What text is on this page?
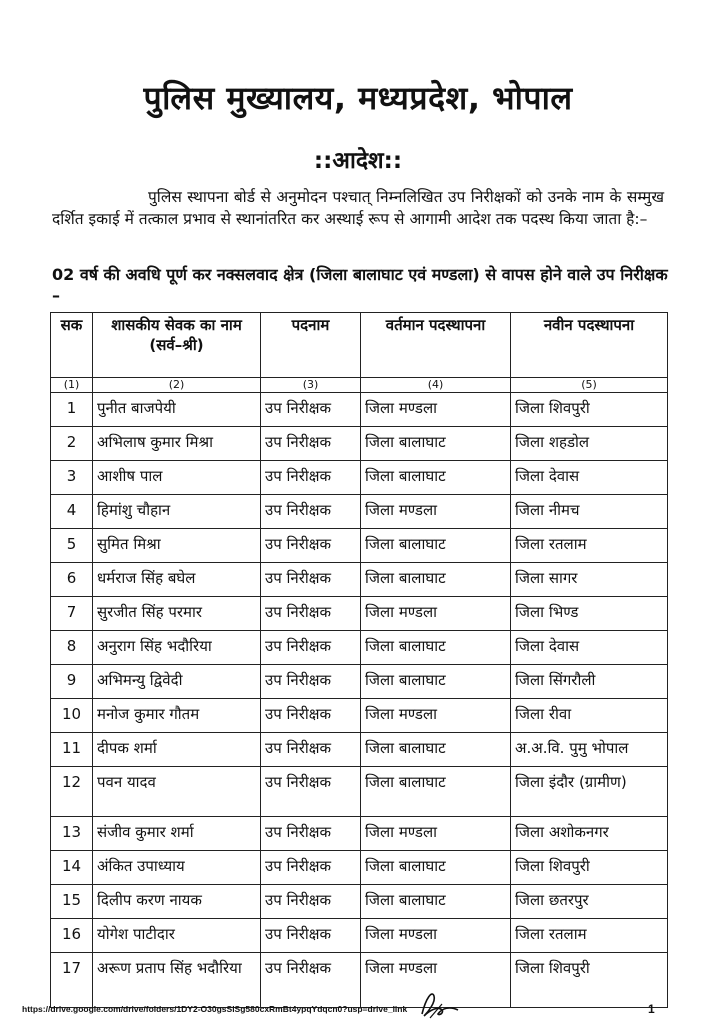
पुलिस मुख्यालय, मध्यप्रदेश, भोपाल
::आदेश::
पुलिस स्थापना बोर्ड से अनुमोदन पश्चात् निम्नलिखित उप निरीक्षकों को उनके नाम के सम्मुख दर्शित इकाई में तत्काल प्रभाव से स्थानांतरित कर अस्थाई रूप से आगामी आदेश तक पदस्थ किया जाता है:–
02 वर्ष की अवधि पूर्ण कर नक्सलवाद क्षेत्र (जिला बालाघाट एवं मण्डला) से वापस होने वाले उप निरीक्षक –
सक	शासकीय सेवक का नाम (सर्व–श्री)	पदनाम	वर्तमान पदस्थापना	नवीन पदस्थापना
(1)	(2)	(3)	(4)	(5)
1	पुनीत बाजपेयी	उप निरीक्षक	जिला मण्डला	जिला शिवपुरी
2	अभिलाष कुमार मिश्रा	उप निरीक्षक	जिला बालाघाट	जिला शहडोल
3	आशीष पाल	उप निरीक्षक	जिला बालाघाट	जिला देवास
4	हिमांशु चौहान	उप निरीक्षक	जिला मण्डला	जिला नीमच
5	सुमित मिश्रा	उप निरीक्षक	जिला बालाघाट	जिला रतलाम
6	धर्मराज सिंह बघेल	उप निरीक्षक	जिला बालाघाट	जिला सागर
7	सुरजीत सिंह परमार	उप निरीक्षक	जिला मण्डला	जिला भिण्ड
8	अनुराग सिंह भदौरिया	उप निरीक्षक	जिला बालाघाट	जिला देवास
9	अभिमन्यु द्विवेदी	उप निरीक्षक	जिला बालाघाट	जिला सिंगरौली
10	मनोज कुमार गौतम	उप निरीक्षक	जिला मण्डला	जिला रीवा
11	दीपक शर्मा	उप निरीक्षक	जिला बालाघाट	अ.अ.वि. पुमु भोपाल
12	पवन यादव	उप निरीक्षक	जिला बालाघाट	जिला इंदौर (ग्रामीण)
13	संजीव कुमार शर्मा	उप निरीक्षक	जिला मण्डला	जिला अशोकनगर
14	अंकित उपाध्याय	उप निरीक्षक	जिला बालाघाट	जिला शिवपुरी
15	दिलीप करण नायक	उप निरीक्षक	जिला बालाघाट	जिला छतरपुर
16	योगेश पाटीदार	उप निरीक्षक	जिला मण्डला	जिला रतलाम
17	अरूण प्रताप सिंह भदौरिया	उप निरीक्षक	जिला मण्डला	जिला शिवपुरी
https://drive.google.com/drive/folders/1DY2-O30gsSlSg580cxRmBt4ypqYdqcn0?usp=drive_link	1
